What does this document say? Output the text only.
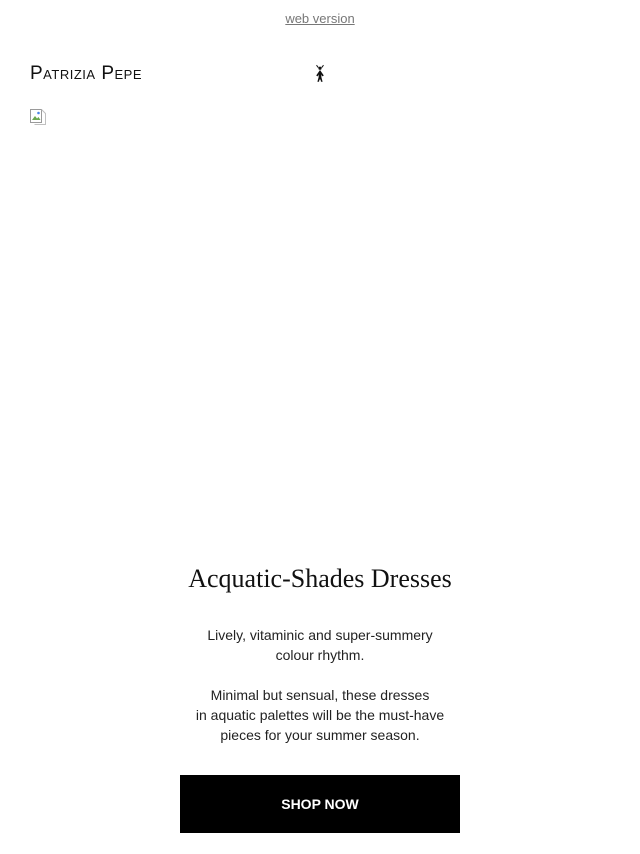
web version
Patrizia Pepe
Acquatic-Shades Dresses
Lively, vitaminic and super-summery
colour rhythm.
Minimal but sensual, these dresses
in aquatic palettes will be the must-have
pieces for your summer season.
SHOP NOW
